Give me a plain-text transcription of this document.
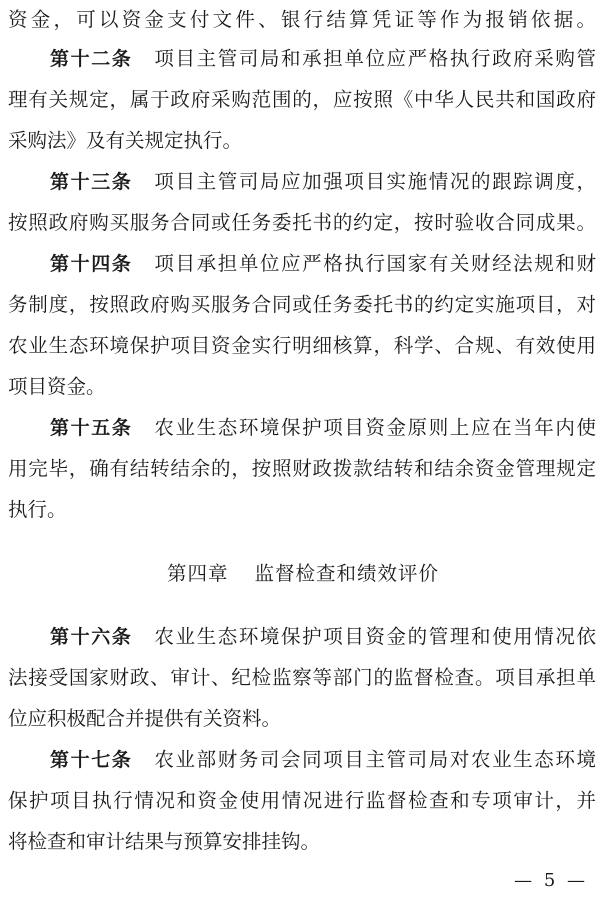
资金，可以资金支付文件、银行结算凭证等作为报销依据。
第十二条 项目主管司局和承担单位应严格执行政府采购管
理有关规定，属于政府采购范围的，应按照《中华人民共和国政府
采购法》及有关规定执行。
第十三条 项目主管司局应加强项目实施情况的跟踪调度，
按照政府购买服务合同或任务委托书的约定，按时验收合同成果。
第十四条 项目承担单位应严格执行国家有关财经法规和财
务制度，按照政府购买服务合同或任务委托书的约定实施项目，对
农业生态环境保护项目资金实行明细核算，科学、合规、有效使用
项目资金。
第十五条 农业生态环境保护项目资金原则上应在当年内使
用完毕，确有结转结余的，按照财政拨款结转和结余资金管理规定
执行。
第四章 监督检查和绩效评价
第十六条 农业生态环境保护项目资金的管理和使用情况依
法接受国家财政、审计、纪检监察等部门的监督检查。项目承担单
位应积极配合并提供有关资料。
第十七条 农业部财务司会同项目主管司局对农业生态环境
保护项目执行情况和资金使用情况进行监督检查和专项审计，并
将检查和审计结果与预算安排挂钩。
— 5 —
